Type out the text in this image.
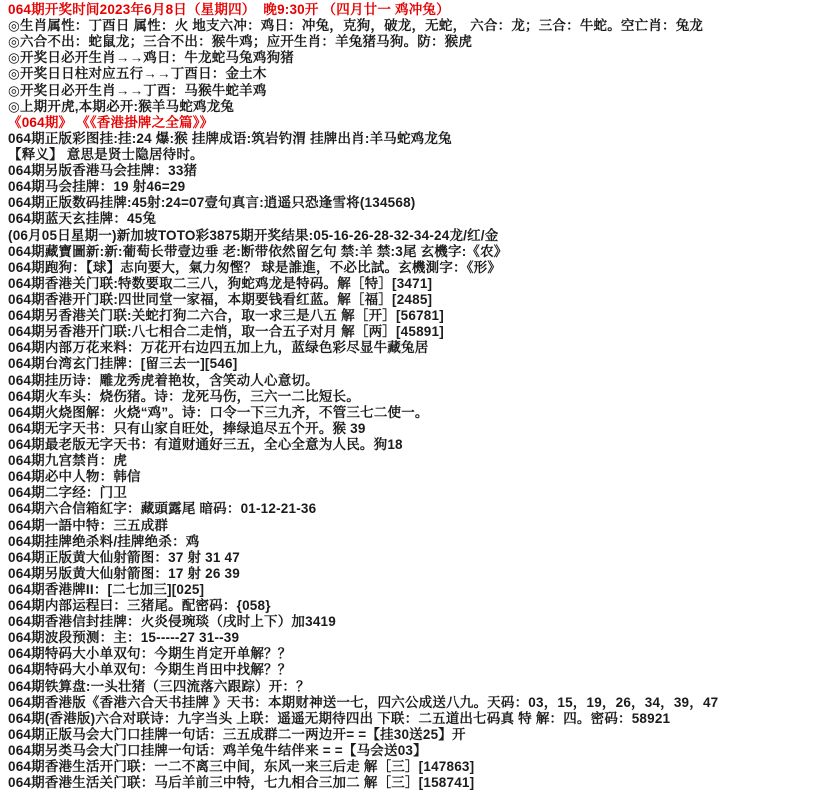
064期开奖时间2023年6月8日（星期四）  晚9:30开 （四月廿一 鸡冲兔）
◎生肖属性：丁酉日 属性：火 地支六冲：鸡日：冲兔，克狗，破龙，无蛇， 六合：龙；三合：牛蛇。空亡肖：兔龙
◎六合不出：蛇鼠龙；三合不出：猴牛鸡；应开生肖：羊兔猪马狗。防：猴虎
◎开奖日必开生肖→→鸡日：牛龙蛇马兔鸡狗猪
◎开奖日日柱对应五行→→丁酉日：金土木
◎开奖日必开生肖→→丁酉：马猴牛蛇羊鸡
◎上期开虎,本期必开:猴羊马蛇鸡龙兔
《064期》 《《香港掛牌之全篇》》
064期正版彩图挂:挂:24 爆:猴 挂牌成语:筑岩钓渭 挂牌出肖:羊马蛇鸡龙兔
【释义】 意思是贤士隐居待时。
064期另版香港马会挂牌：33猪
064期马会挂牌：19 射46=29
064期正版数码挂牌:45射:24=07壹句真言:逍遥只恐逢雪将(134568)
064期蓝天玄挂牌：45兔
(06月05日星期一)新加坡TOTO彩3875期开奖结果:05-16-26-28-32-34-24龙/红/金
064期藏寶圖新:新:葡萄长带壹边垂 老:断带依然留乞句 禁:羊 禁:3尾 玄機字:《农》
064期跑狗：【球】志向要大，氣力匆慳？ 球是誰進，不必比試。玄機測字：《形》
064期香港关门联:特数要取二三八，狗蛇鸡龙是特码。解［特］[3471]
064期香港开门联:四世同堂一家福，本期要钱看红蓝。解［福］[2485]
064期另香港关门联:关蛇打狗二六合，取一求三是八五 解［开］[56781]
064期另香港开门联:八七相合二走悄，取一合五子对月 解［两］[45891]
064期内部万花来料：万花开右边四五加上九，蓝绿色彩尽显牛藏兔居
064期台湾玄门挂牌：[留三去一][546]
064期挂历诗：雕龙秀虎着艳妆，含笑动人心意切。
064期火车头：烧伤猪。诗：龙死马伤，三六一二比短长。
064期火烧图解：火烧“鸡”。诗：口令一下三九齐，不管三七二使一。
064期无字天书：只有山家自旺处，捧绿追尽五个开。猴 39
064期最老版无字天书：有道财通好三五，全心全意为人民。狗18
064期九宫禁肖：虎
064期必中人物：韩信
064期二字经：门卫
064期六合信箱紅字：藏頭露尾 暗码：01-12-21-36
064期一語中特：三五成群
064期挂牌绝杀料/挂牌绝杀：鸡
064期正版黄大仙射箭图：37 射 31 47
064期另版黄大仙射箭图：17 射 26 39
064期香港牌II：[二七加三][025]
064期内部运程曰：三猪尾。配密码：{058}
064期香港信封挂牌：火炎侵琬琰（戌时上下）加3419
064期波段预测：主：15-----27 31--39
064期特码大小单双句：今期生肖定开单解？？
064期特码大小单双句：今期生肖田中找解？？
064期铁算盘:一头壮猪（三四流落六跟踪）开：？
064期香港版《香港六合天书挂牌 》天书：本期财神送一七，四六公成送八九。天码：03，15，19，26，34，39，47
064期(香港版)六合对联诗：九字当头 上联：遥遥无期待四出 下联：二五道出七码真 特 解：四。密码：58921
064期正版马会大门口挂牌一句话：三五成群二一两边开= =【挂30送25】开
064期另类马会大门口挂牌一句话：鸡羊兔牛结伴来 = =【马会送03】
064期香港生活开门联：一二不离三中间，东风一来三后走 解［三］[147863]
064期香港生活关门联：马后羊前三中特，七九相合三加二 解［三］[158741]
